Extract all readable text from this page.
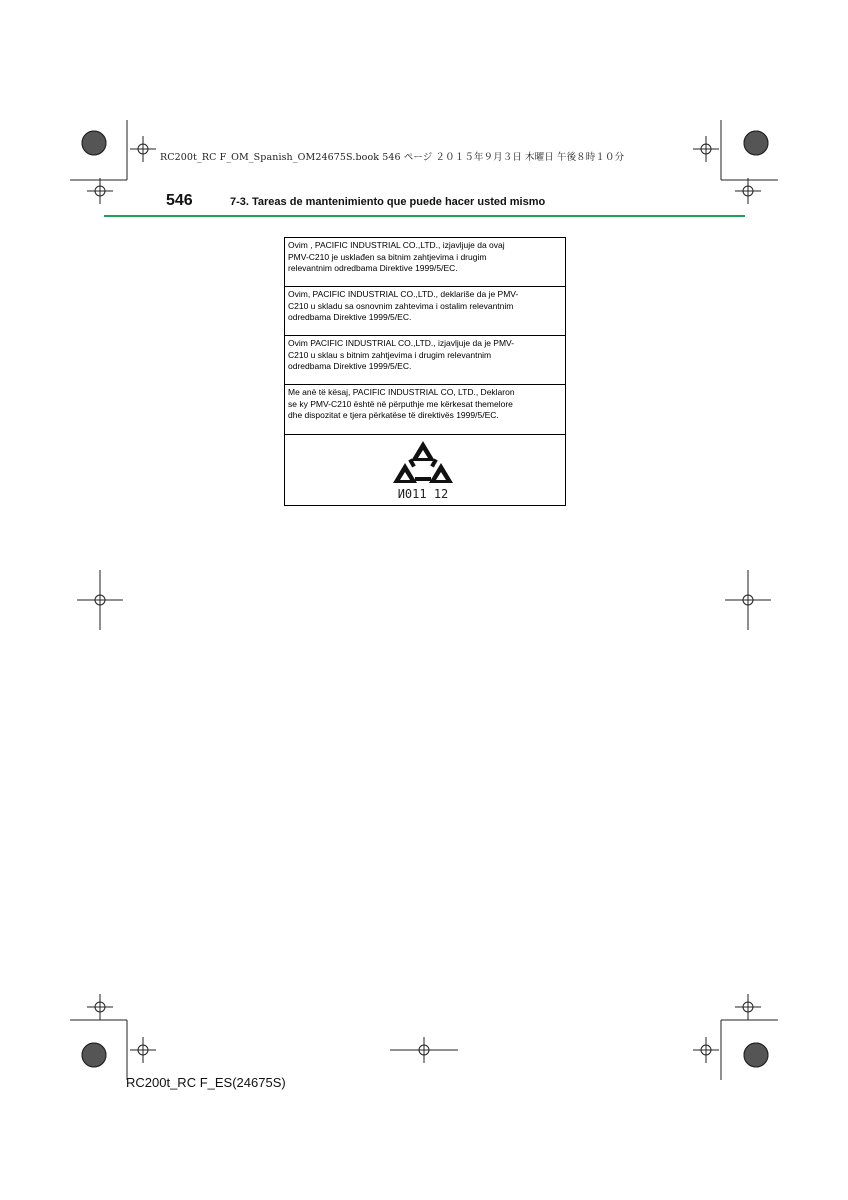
RC200t_RC F_OM_Spanish_OM24675S.book 546 ページ ２０１５年９月３日 木曜日 午後８時１０分
546	7-3. Tareas de mantenimiento que puede hacer usted mismo
Ovim , PACIFIC INDUSTRIAL CO.,LTD., izjavljuje da ovaj
PMV-C210 je usklađen sa bitnim zahtjevima i drugim
relevantnim odredbama Direktive 1999/5/EC.
Ovim, PACIFIC INDUSTRIAL CO.,LTD., deklariše da je PMV-
C210 u skladu sa osnovnim zahtevima i ostalim relevantnim
odredbama Direktive 1999/5/EC.
Ovim PACIFIC INDUSTRIAL CO.,LTD., izjavljuje da je PMV-
C210 u sklau s bitnim zahtjevima i drugim relevantnim
odredbama Direktive 1999/5/EC.
Me anë të kësaj, PACIFIC INDUSTRIAL CO, LTD., Deklaron
se ky PMV-C210 është në përputhje me kërkesat themelore
dhe dispozitat e tjera përkatëse të direktivës 1999/5/EC.
И011 12
RC200t_RC F_ES(24675S)
